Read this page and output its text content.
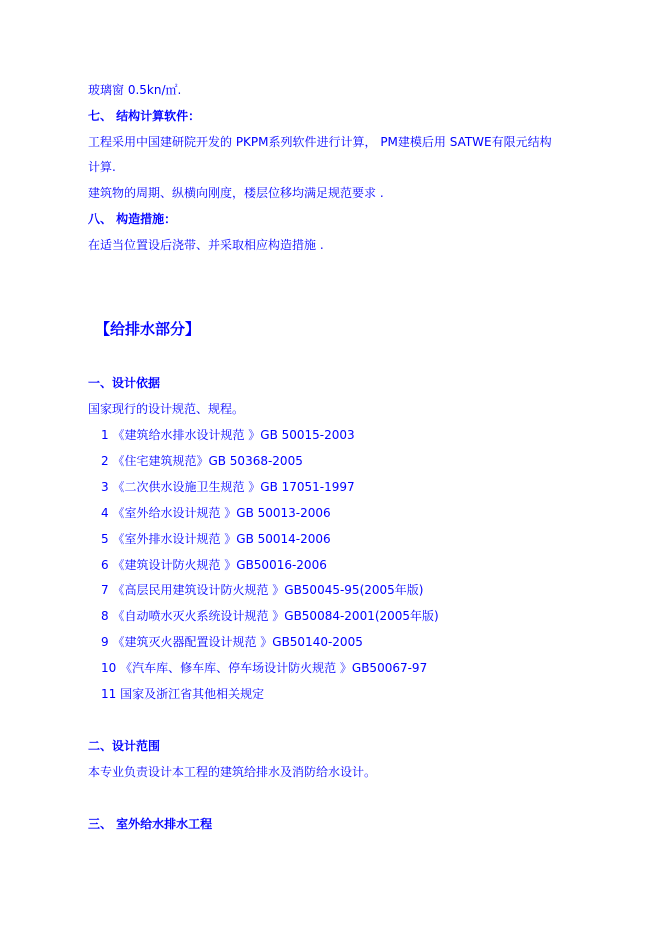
玻璃窗 0.5kn/㎡.
七、 结构计算软件：
工程采用中国建研院开发的 PKPM系列软件进行计算， PM建模后用 SATWE有限元结构
计算.
建筑物的周期、纵横向刚度，楼层位移均满足规范要求 .
八、 构造措施：
在适当位置设后浇带、并采取相应构造措施 .
【给排水部分】
一、设计依据
国家现行的设计规范、规程。
1 《建筑给水排水设计规范 》GB 50015-2003
2 《住宅建筑规范》GB 50368-2005
3 《二次供水设施卫生规范 》GB 17051-1997
4 《室外给水设计规范 》GB 50013-2006
5 《室外排水设计规范 》GB 50014-2006
6 《建筑设计防火规范 》GB50016-2006
7 《高层民用建筑设计防火规范 》GB50045-95(2005年版)
8 《自动喷水灭火系统设计规范 》GB50084-2001(2005年版)
9 《建筑灭火器配置设计规范 》GB50140-2005
10 《汽车库、修车库、停车场设计防火规范 》GB50067-97
11 国家及浙江省其他相关规定
二、设计范围
本专业负责设计本工程的建筑给排水及消防给水设计。
三、 室外给水排水工程
